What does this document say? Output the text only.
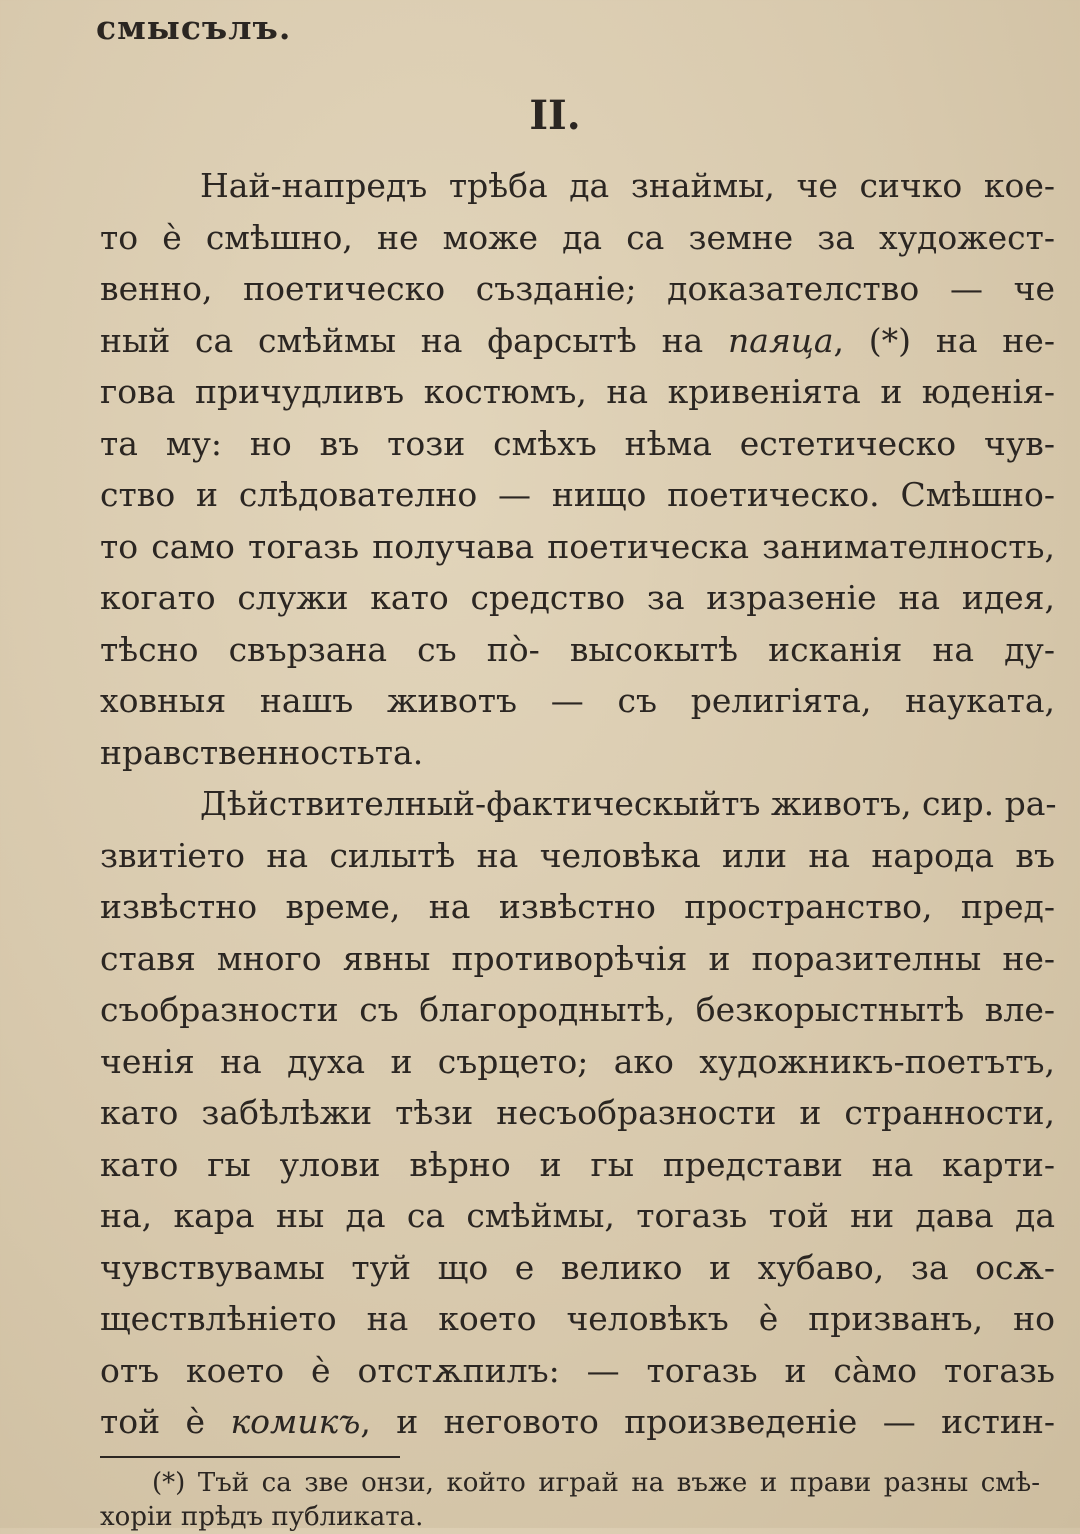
смысълъ.
II.
Най-напредъ трѣба да знаймы, че сичко кое-
то ѐ смѣшно, не може да са земне за художест-
венно, поетическо създаніе; доказателство — че
ный са смѣймы на фарсытѣ на паяца, (*) на не-
гова причудливъ костюмъ, на кривеніята и юденія-
та му: но въ този смѣхъ нѣма естетическо чув-
ство и слѣдователно — нищо поетическо. Смѣшно-
то само тогазь получава поетическа занимателность,
когато служи като средство за изразеніе на идея,
тѣсно свързана съ пò- высокытѣ исканія на ду-
ховныя нашъ животъ — съ религіята, науката,
нравственностьта.
Дѣйствителный-фактическыйтъ животъ, сир. ра-
звитіето на силытѣ на человѣка или на народа въ
извѣстно време, на извѣстно пространство, пред-
ставя много явны противорѣчія и поразителны не-
съобразности съ благороднытѣ, безкорыстнытѣ вле-
ченія на духа и сърцето; ако художникъ-поетътъ,
като забѣлѣжи тѣзи несъобразности и странности,
като гы улови вѣрно и гы представи на карти-
на, кара ны да са смѣймы, тогазь той ни дава да
чувствувамы туй що е велико и хубаво, за осѫ-
ществлѣніето на което человѣкъ ѐ призванъ, но
отъ което ѐ отстѫпилъ: — тогазь и сàмо тогазь
той ѐ комикъ, и неговото произведеніе — истин-
(*) Тъй са зве онзи, който играй на въже и прави разны смѣ-
хоріи прѣдъ публиката.
